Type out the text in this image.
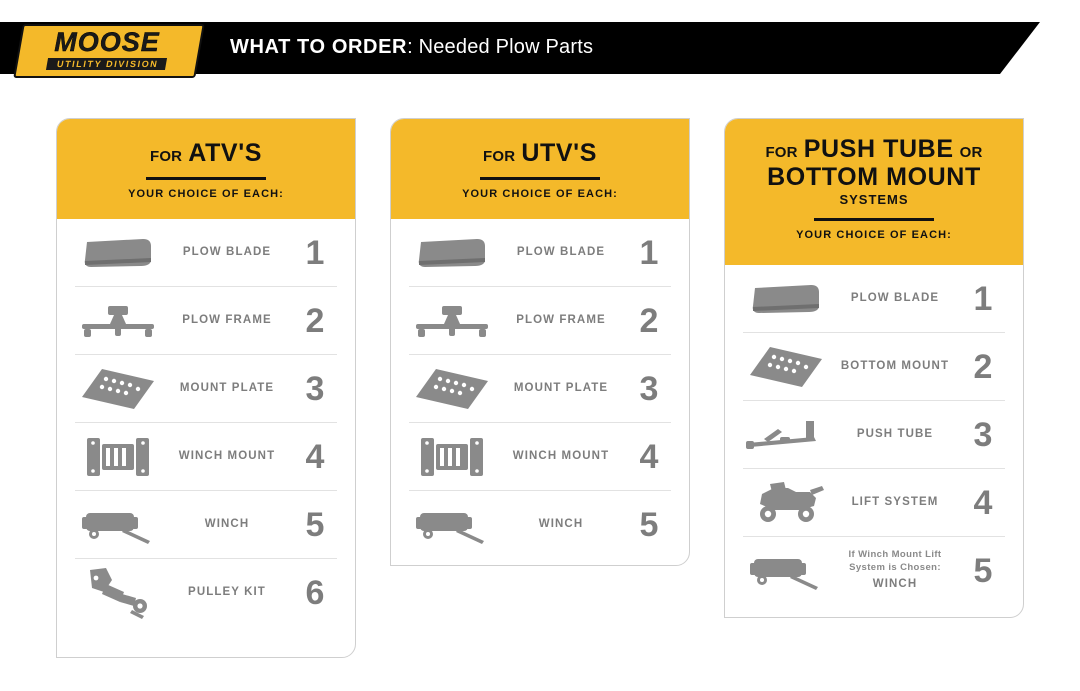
MOOSE
UTILITY DIVISION
WHAT TO ORDER: Needed Plow Parts
FOR ATV'S
YOUR CHOICE OF EACH:
PLOW BLADE	1
PLOW FRAME 2
MOUNT PLATE 3
WINCH MOUNT 4
WINCH	5
PULLEY KIT	6
FOR UTV'S
YOUR CHOICE OF EACH:
PLOW BLADE	1
PLOW FRAME 2
MOUNT PLATE 3
WINCH MOUNT 4
WINCH	5
FOR PUSH TUBE OR
BOTTOM MOUNT
SYSTEMS
YOUR CHOICE OF EACH:
PLOW BLADE	1
BOTTOM MOUNT 2
PUSH TUBE	3
LIFT SYSTEM	4
If Winch Mount Lift System is Chosen:
WINCH	5
